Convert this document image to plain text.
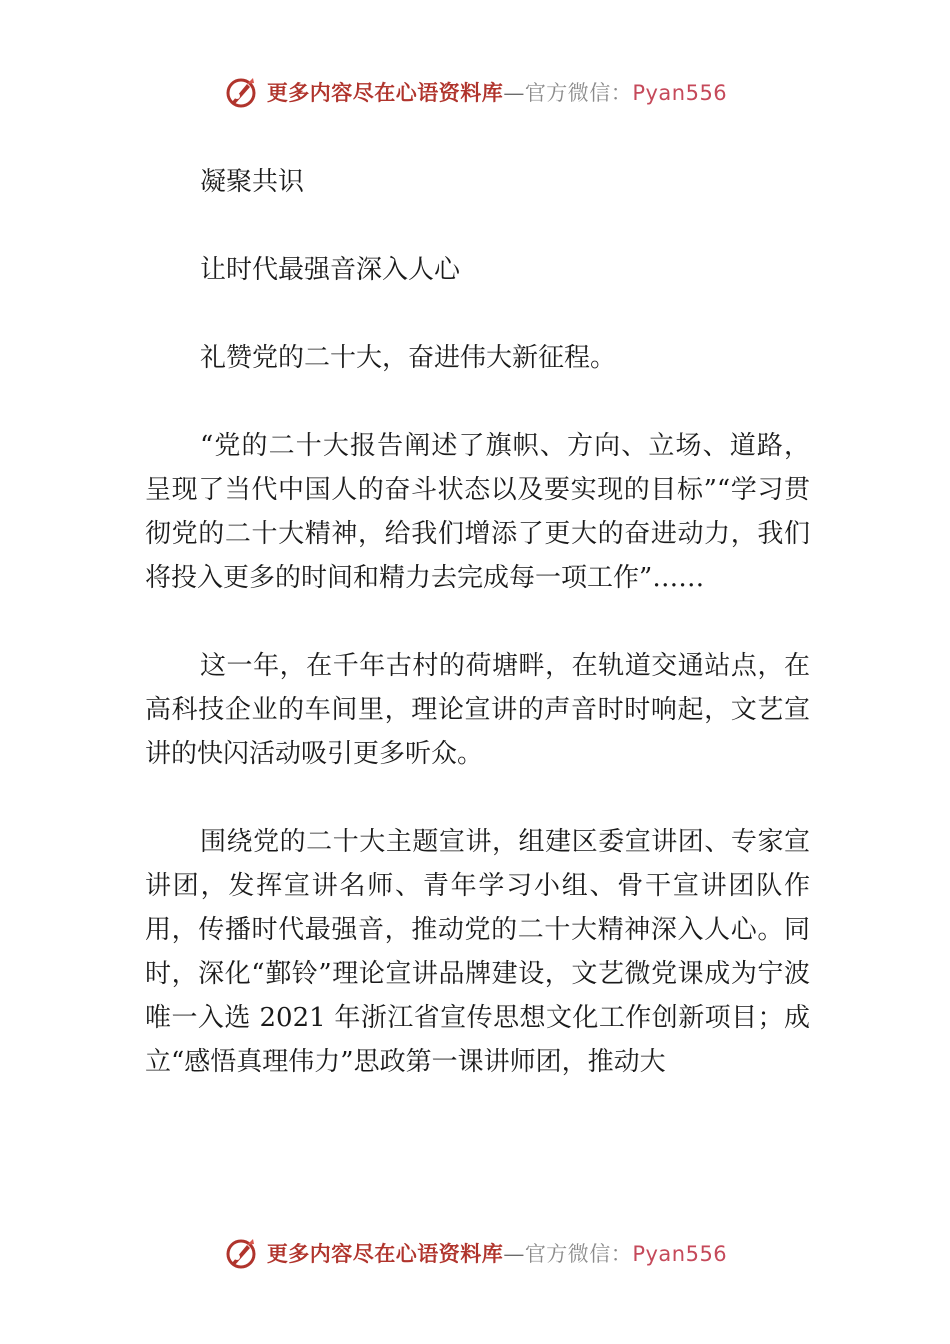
更多内容尽在心语资料库—官方微信：Pyan556

凝聚共识

让时代最强音深入人心

礼赞党的二十大，奋进伟大新征程。

“党的二十大报告阐述了旗帜、方向、立场、道路，呈现了当代中国人的奋斗状态以及要实现的目标”“学习贯彻党的二十大精神，给我们增添了更大的奋进动力，我们将投入更多的时间和精力去完成每一项工作”……

这一年，在千年古村的荷塘畔，在轨道交通站点，在高科技企业的车间里，理论宣讲的声音时时响起，文艺宣讲的快闪活动吸引更多听众。

围绕党的二十大主题宣讲，组建区委宣讲团、专家宣讲团，发挥宣讲名师、青年学习小组、骨干宣讲团队作用，传播时代最强音，推动党的二十大精神深入人心。同时，深化“鄞铃”理论宣讲品牌建设，文艺微党课成为宁波唯一入选 2021 年浙江省宣传思想文化工作创新项目；成立“感悟真理伟力”思政第一课讲师团，推动大

更多内容尽在心语资料库—官方微信：Pyan556
